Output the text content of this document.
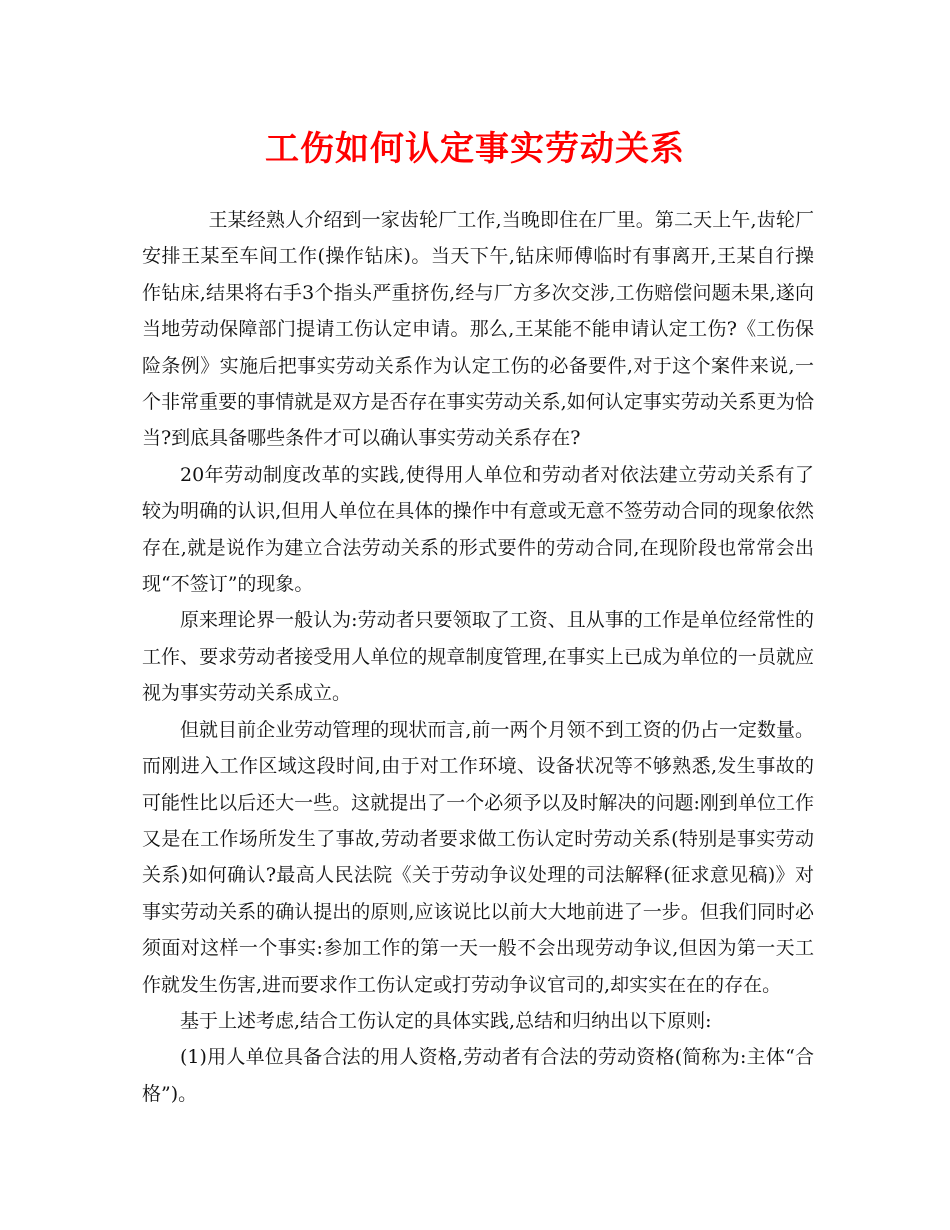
工伤如何认定事实劳动关系

王某经熟人介绍到一家齿轮厂工作,当晚即住在厂里。第二天上午,齿轮厂安排王某至车间工作(操作钻床)。当天下午,钻床师傅临时有事离开,王某自行操作钻床,结果将右手3个指头严重挤伤,经与厂方多次交涉,工伤赔偿问题未果,遂向当地劳动保障部门提请工伤认定申请。那么,王某能不能申请认定工伤?《工伤保险条例》实施后把事实劳动关系作为认定工伤的必备要件,对于这个案件来说,一个非常重要的事情就是双方是否存在事实劳动关系,如何认定事实劳动关系更为恰当?到底具备哪些条件才可以确认事实劳动关系存在?

20年劳动制度改革的实践,使得用人单位和劳动者对依法建立劳动关系有了较为明确的认识,但用人单位在具体的操作中有意或无意不签劳动合同的现象依然存在,就是说作为建立合法劳动关系的形式要件的劳动合同,在现阶段也常常会出现“不签订”的现象。

原来理论界一般认为:劳动者只要领取了工资、且从事的工作是单位经常性的工作、要求劳动者接受用人单位的规章制度管理,在事实上已成为单位的一员就应视为事实劳动关系成立。

但就目前企业劳动管理的现状而言,前一两个月领不到工资的仍占一定数量。而刚进入工作区域这段时间,由于对工作环境、设备状况等不够熟悉,发生事故的可能性比以后还大一些。这就提出了一个必须予以及时解决的问题:刚到单位工作又是在工作场所发生了事故,劳动者要求做工伤认定时劳动关系(特别是事实劳动关系)如何确认?最高人民法院《关于劳动争议处理的司法解释(征求意见稿)》对事实劳动关系的确认提出的原则,应该说比以前大大地前进了一步。但我们同时必须面对这样一个事实:参加工作的第一天一般不会出现劳动争议,但因为第一天工作就发生伤害,进而要求作工伤认定或打劳动争议官司的,却实实在在的存在。

基于上述考虑,结合工伤认定的具体实践,总结和归纳出以下原则:

(1)用人单位具备合法的用人资格,劳动者有合法的劳动资格(简称为:主体“合格”)。
